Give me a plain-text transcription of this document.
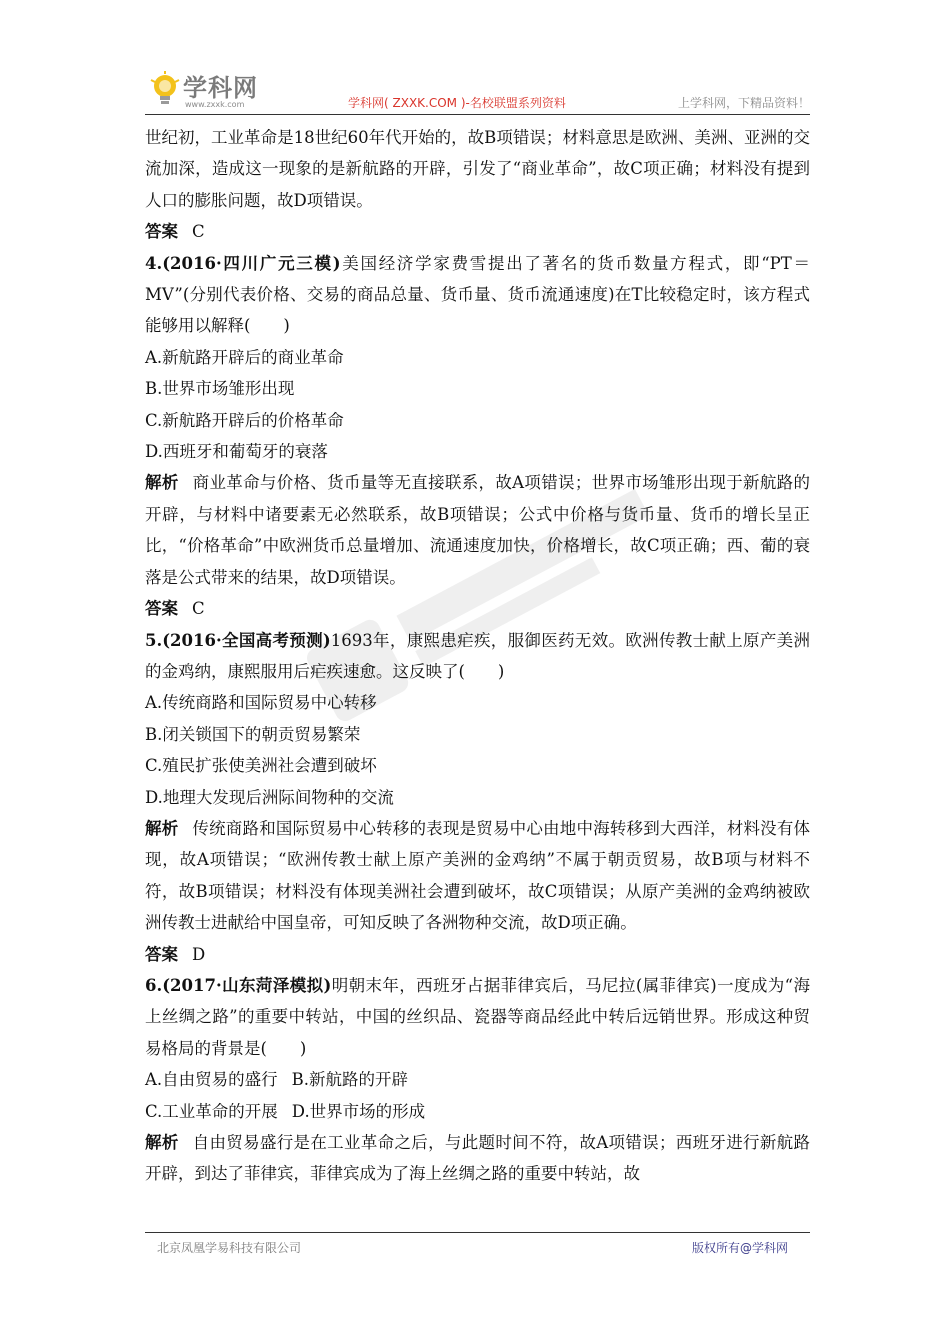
学科网
www.zxxk.com	学科网( ZXXK.COM )-名校联盟系列资料	上学科网，下精品资料！

世纪初，工业革命是18世纪60年代开始的，故B项错误；材料意思是欧洲、美洲、亚洲的交流加深，造成这一现象的是新航路的开辟，引发了“商业革命”，故C项正确；材料没有提到人口的膨胀问题，故D项错误。

答案 C

4.(2016·四川广元三模)美国经济学家费雪提出了著名的货币数量方程式，即“PT＝MV”(分别代表价格、交易的商品总量、货币量、货币流通速度)在T比较稳定时，该方程式能够用以解释(　　)

A.新航路开辟后的商业革命

B.世界市场雏形出现

C.新航路开辟后的价格革命

D.西班牙和葡萄牙的衰落

解析 商业革命与价格、货币量等无直接联系，故A项错误；世界市场雏形出现于新航路的开辟，与材料中诸要素无必然联系，故B项错误；公式中价格与货币量、货币的增长呈正比，“价格革命”中欧洲货币总量增加、流通速度加快，价格增长，故C项正确；西、葡的衰落是公式带来的结果，故D项错误。

答案 C

5.(2016·全国高考预测)1693年，康熙患疟疾，服御医药无效。欧洲传教士献上原产美洲的金鸡纳，康熙服用后疟疾速愈。这反映了(　　)

A.传统商路和国际贸易中心转移

B.闭关锁国下的朝贡贸易繁荣

C.殖民扩张使美洲社会遭到破坏

D.地理大发现后洲际间物种的交流

解析 传统商路和国际贸易中心转移的表现是贸易中心由地中海转移到大西洋，材料没有体现，故A项错误；“欧洲传教士献上原产美洲的金鸡纳”不属于朝贡贸易，故B项与材料不符，故B项错误；材料没有体现美洲社会遭到破坏，故C项错误；从原产美洲的金鸡纳被欧洲传教士进献给中国皇帝，可知反映了各洲物种交流，故D项正确。

答案 D

6.(2017·山东菏泽模拟)明朝末年，西班牙占据菲律宾后，马尼拉(属菲律宾)一度成为“海上丝绸之路”的重要中转站，中国的丝织品、瓷器等商品经此中转后远销世界。形成这种贸易格局的背景是(　　)

A.自由贸易的盛行 B.新航路的开辟

C.工业革命的开展 D.世界市场的形成

解析 自由贸易盛行是在工业革命之后，与此题时间不符，故A项错误；西班牙进行新航路开辟，到达了菲律宾，菲律宾成为了海上丝绸之路的重要中转站，故

北京凤凰学易科技有限公司	版权所有@学科网
